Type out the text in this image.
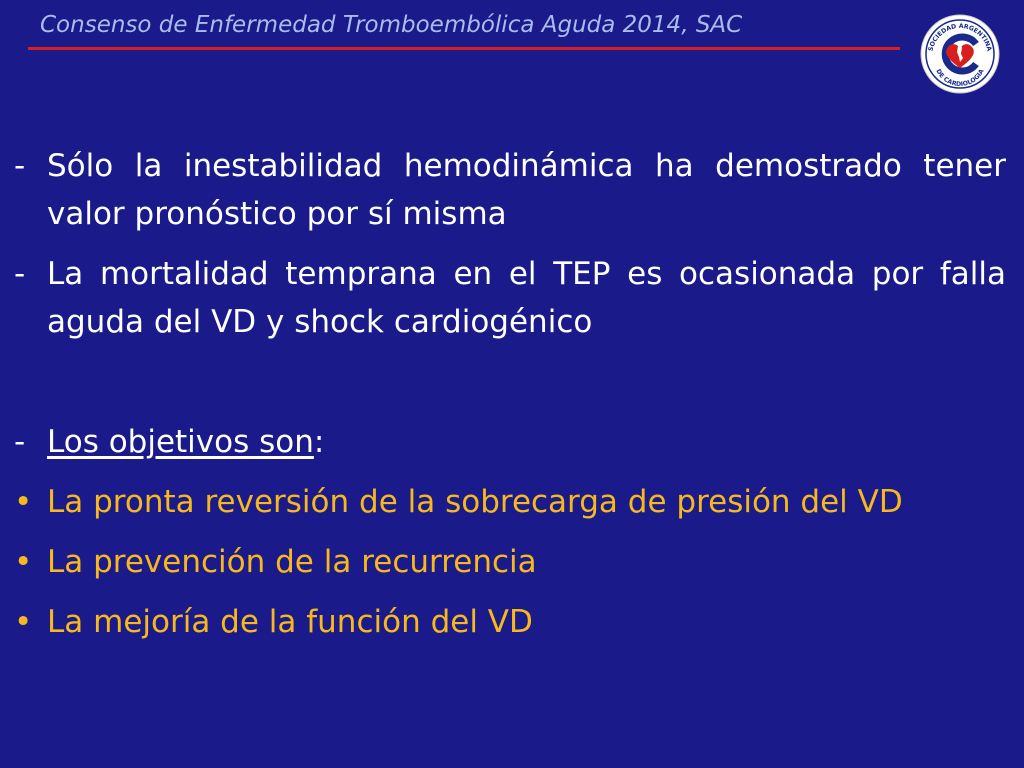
Consenso de Enfermedad Tromboembólica Aguda 2014, SAC
SOCIEDAD ARGENTINA
DE CARDIOLOGIA
- Sólo la inestabilidad hemodinámica ha demostrado tener valor pronóstico por sí misma
- La mortalidad temprana en el TEP es ocasionada por falla aguda del VD y shock cardiogénico
- Los objetivos son:
• La pronta reversión de la sobrecarga de presión del VD
• La prevención de la recurrencia
• La mejoría de la función del VD
